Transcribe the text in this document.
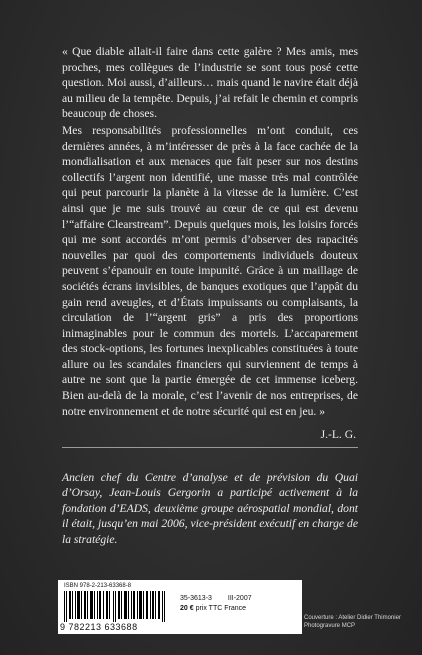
« Que diable allait-il faire dans cette galère ? Mes amis, mes proches, mes collègues de l’industrie se sont tous posé cette question. Moi aussi, d’ailleurs… mais quand le navire était déjà au milieu de la tempête. Depuis, j’ai refait le chemin et compris beaucoup de choses.

Mes responsabilités professionnelles m’ont conduit, ces dernières années, à m’intéresser de près à la face cachée de la mondialisation et aux menaces que fait peser sur nos destins collectifs l’argent non identifié, une masse très mal contrôlée qui peut parcourir la planète à la vitesse de la lumière. C’est ainsi que je me suis trouvé au cœur de ce qui est devenu l’“affaire Clearstream”. Depuis quelques mois, les loisirs forcés qui me sont accordés m’ont permis d’observer des rapacités nouvelles par quoi des comportements individuels douteux peuvent s’épanouir en toute impunité. Grâce à un maillage de sociétés écrans invisibles, de banques exotiques que l’appât du gain rend aveugles, et d’États impuissants ou complaisants, la circulation de l’“argent gris” a pris des proportions inimaginables pour le commun des mortels. L’accaparement des stock-options, les fortunes inexplicables constituées à toute allure ou les scandales financiers qui surviennent de temps à autre ne sont que la partie émergée de cet immense iceberg. Bien au-delà de la morale, c’est l’avenir de nos entreprises, de notre environnement et de notre sécurité qui est en jeu. »

J.-L. G.
Ancien chef du Centre d’analyse et de prévision du Quai d’Orsay, Jean-Louis Gergorin a participé activement à la fondation d’EADS, deuxième groupe aérospatial mondial, dont il était, jusqu’en mai 2006, vice-président exécutif en charge de la stratégie.
ISBN 978-2-213-63368-8
9 782213 633688
35-3613-3 III-2007
20 € prix TTC France
Couverture : Atelier Didier Thimonier
Photogravure MCP
